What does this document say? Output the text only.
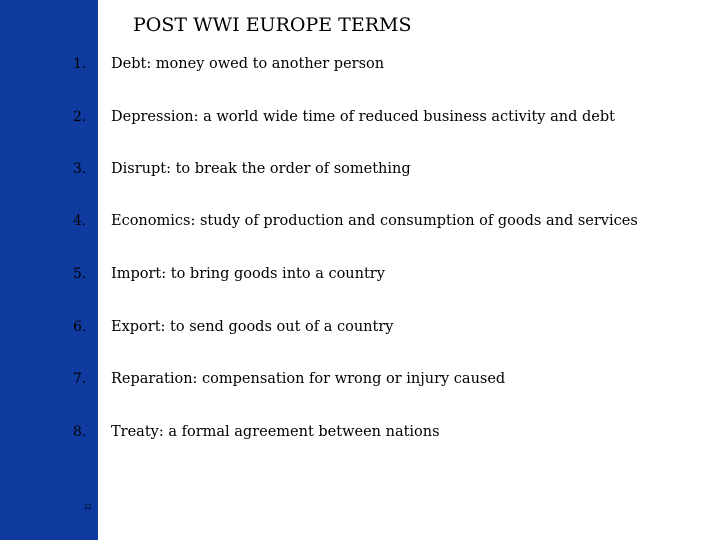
POST WWI EUROPE TERMS
1. Debt: money owed to another person
2. Depression: a world wide time of reduced business activity and debt
3. Disrupt: to break the order of something
4. Economics: study of production and consumption of goods and services
5. Import: to bring goods into a country
6. Export: to send goods out of a country
7. Reparation: compensation for wrong or injury caused
8. Treaty: a formal agreement between nations
22
